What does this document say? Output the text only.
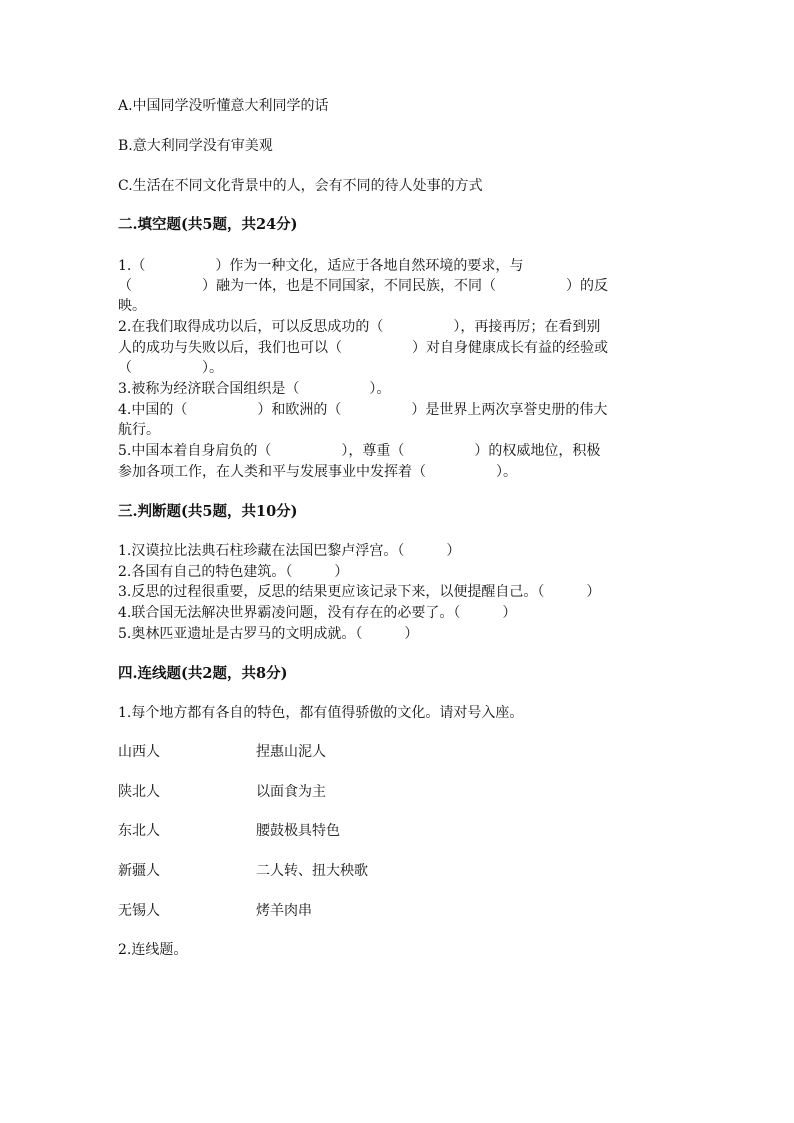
A.中国同学没听懂意大利同学的话
B.意大利同学没有审美观
C.生活在不同文化背景中的人，会有不同的待人处事的方式
二.填空题(共5题，共24分)
1.（　　　　　）作为一种文化，适应于各地自然环境的要求，与
（　　　　　）融为一体，也是不同国家，不同民族，不同（　　　　　）的反
映。
2.在我们取得成功以后，可以反思成功的（　　　　　），再接再厉；在看到别
人的成功与失败以后，我们也可以（　　　　　）对自身健康成长有益的经验或
（　　　　　）。
3.被称为经济联合国组织是（　　　　　）。
4.中国的（　　　　　）和欧洲的（　　　　　）是世界上两次享誉史册的伟大
航行。
5.中国本着自身肩负的（　　　　　），尊重（　　　　　）的权威地位，积极
参加各项工作，在人类和平与发展事业中发挥着（　　　　　）。
三.判断题(共5题，共10分)
1.汉谟拉比法典石柱珍藏在法国巴黎卢浮宫。（　　　）
2.各国有自己的特色建筑。（　　　）
3.反思的过程很重要，反思的结果更应该记录下来，以便提醒自己。（　　　）
4.联合国无法解决世界霸凌问题，没有存在的必要了。（　　　）
5.奥林匹亚遗址是古罗马的文明成就。（　　　）
四.连线题(共2题，共8分)
1.每个地方都有各自的特色，都有值得骄傲的文化。请对号入座。
山西人	捏惠山泥人
陕北人	以面食为主
东北人	腰鼓极具特色
新疆人	二人转、扭大秧歌
无锡人	烤羊肉串
2.连线题。
